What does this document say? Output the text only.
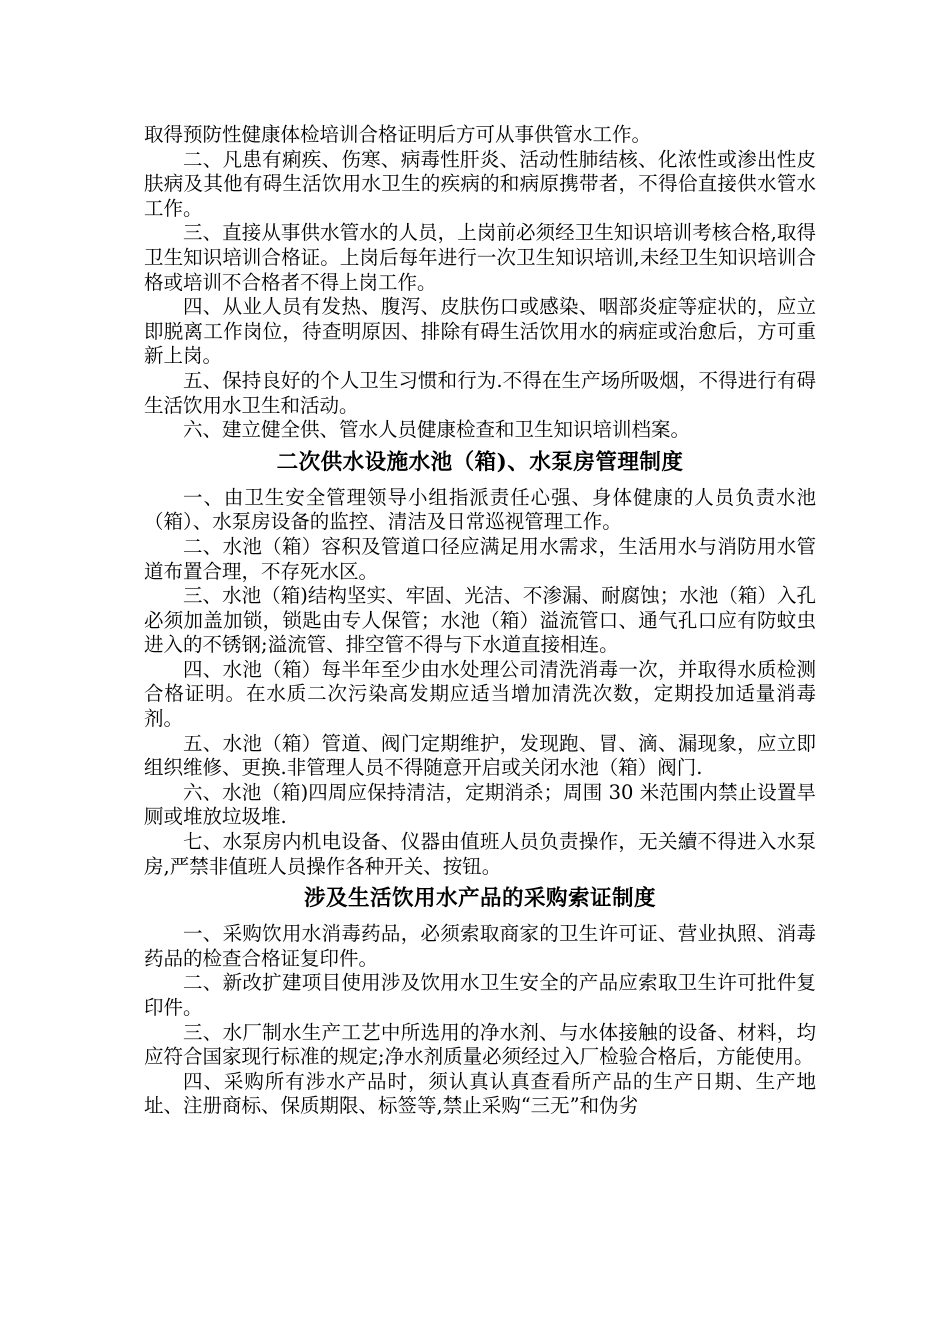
取得预防性健康体检培训合格证明后方可从事供管水工作。

二、凡患有痢疾、伤寒、病毒性肝炎、活动性肺结核、化浓性或渗出性皮肤病及其他有碍生活饮用水卫生的疾病的和病原携带者，不得佮直接供水管水工作。

三、直接从事供水管水的人员，上岗前必须经卫生知识培训考核合格,取得卫生知识培训合格证。上岗后每年进行一次卫生知识培训,未经卫生知识培训合格或培训不合格者不得上岗工作。

四、从业人员有发热、腹泻、皮肤伤口或感染、咽部炎症等症状的，应立即脱离工作岗位，待查明原因、排除有碍生活饮用水的病症或治愈后，方可重新上岗。

五、保持良好的个人卫生习惯和行为.不得在生产场所吸烟，不得进行有碍生活饮用水卫生和活动。

六、建立健全供、管水人员健康检查和卫生知识培训档案。

二次供水设施水池（箱)、水泵房管理制度

一、由卫生安全管理领导小组指派责任心强、身体健康的人员负责水池（箱）、水泵房设备的监控、清洁及日常巡视管理工作。

二、水池（箱）容积及管道口径应满足用水需求，生活用水与消防用水管道布置合理，不存死水区。

三、水池（箱)结构坚实、牢固、光洁、不渗漏、耐腐蚀；水池（箱）入孔必须加盖加锁，锁匙由专人保管；水池（箱）溢流管口、通气孔口应有防蚊虫进入的不锈钢;溢流管、排空管不得与下水道直接相连。

四、水池（箱）每半年至少由水处理公司清洗消毒一次，并取得水质检测合格证明。在水质二次污染高发期应适当增加清洗次数，定期投加适量消毒剂。

五、水池（箱）管道、阀门定期维护，发现跑、冒、滴、漏现象，应立即组织维修、更换.非管理人员不得随意开启或关闭水池（箱）阀门.

六、水池（箱)四周应保持清洁，定期消杀；周围 30 米范围内禁止设置旱厕或堆放垃圾堆.

七、水泵房内机电设备、仪器由值班人员负责操作，无关續不得进入水泵房,严禁非值班人员操作各种开关、按钮。

涉及生活饮用水产品的采购索证制度

一、采购饮用水消毒药品，必须索取商家的卫生许可证、营业执照、消毒药品的检查合格证复印件。

二、新改扩建项目使用涉及饮用水卫生安全的产品应索取卫生许可批件复印件。

三、水厂制水生产工艺中所选用的净水剂、与水体接触的设备、材料，均应符合国家现行标准的规定;净水剂质量必须经过入厂检验合格后，方能使用。

四、采购所有涉水产品时，须认真认真查看所产品的生产日期、生产地址、注册商标、保质期限、标签等,禁止采购“三无”和伪劣
